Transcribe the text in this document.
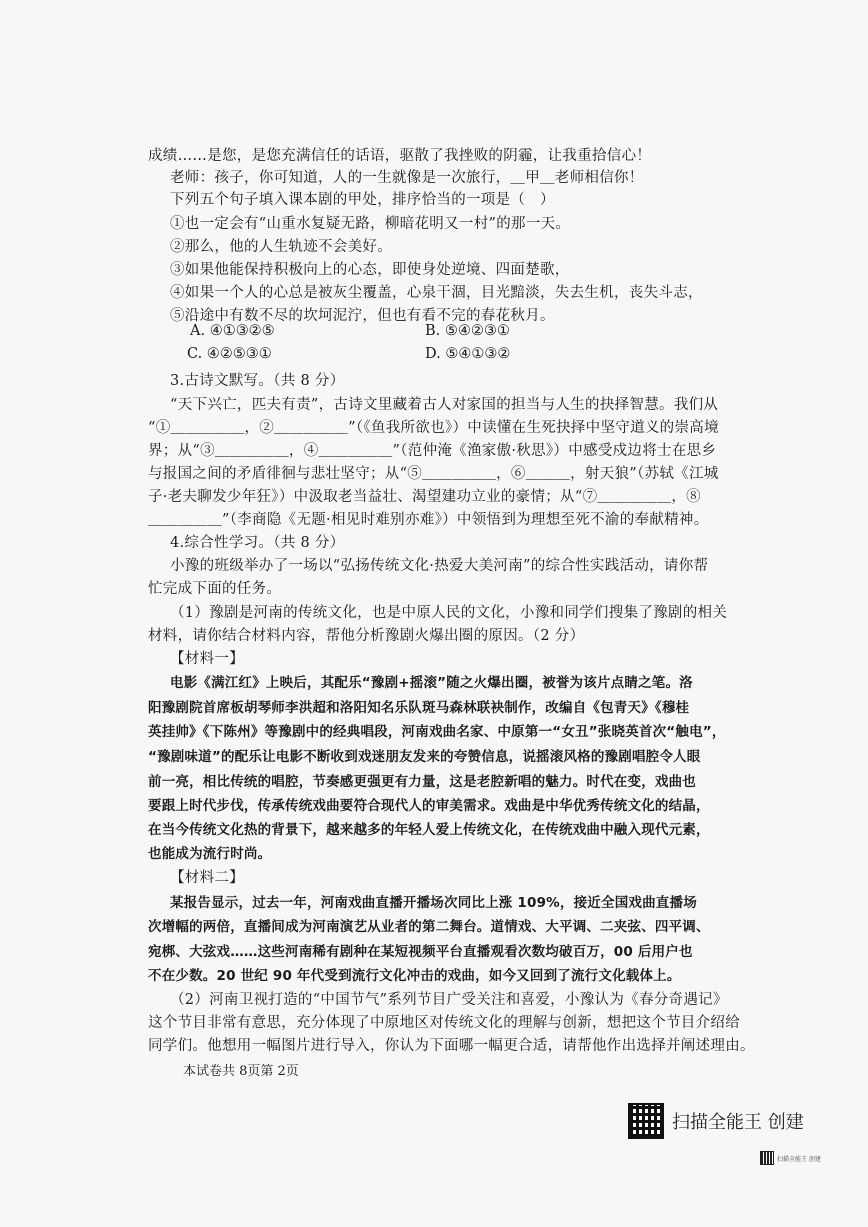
成绩……是您，是您充满信任的话语，驱散了我挫败的阴霾，让我重拾信心！
老师：孩子，你可知道，人的一生就像是一次旅行，＿甲＿老师相信你！
下列五个句子填入课本剧的甲处，排序恰当的一项是（　）
①也一定会有“山重水复疑无路，柳暗花明又一村”的那一天。
②那么，他的人生轨迹不会美好。
③如果他能保持积极向上的心态，即使身处逆境、四面楚歌，
④如果一个人的心总是被灰尘覆盖，心泉干涸，目光黯淡，失去生机，丧失斗志，
⑤沿途中有数不尽的坎坷泥泞，但也有看不完的春花秋月。
A. ④①③②⑤	B. ⑤④②③①
C. ④②⑤③①	D. ⑤④①③②
3.古诗文默写。（共 8 分）
“天下兴亡，匹夫有责”，古诗文里藏着古人对家国的担当与人生的抉择智慧。我们从
“①＿＿＿＿＿，②＿＿＿＿＿”（《鱼我所欲也》）中读懂在生死抉择中坚守道义的崇高境
界；从“③＿＿＿＿＿，④＿＿＿＿＿”（范仲淹《渔家傲·秋思》）中感受戍边将士在思乡
与报国之间的矛盾徘徊与悲壮坚守；从“⑤＿＿＿＿＿，⑥＿＿＿，射天狼”（苏轼《江城
子·老夫聊发少年狂》）中汲取老当益壮、渴望建功立业的豪情；从“⑦＿＿＿＿＿，⑧
＿＿＿＿＿”（李商隐《无题·相见时难别亦难》）中领悟到为理想至死不渝的奉献精神。
4.综合性学习。（共 8 分）
小豫的班级举办了一场以“弘扬传统文化·热爱大美河南”的综合性实践活动，请你帮
忙完成下面的任务。
（1）豫剧是河南的传统文化，也是中原人民的文化，小豫和同学们搜集了豫剧的相关
材料，请你结合材料内容，帮他分析豫剧火爆出圈的原因。（2 分）
【材料一】
电影《满江红》上映后，其配乐“豫剧+摇滚”随之火爆出圈，被誉为该片点睛之笔。洛
阳豫剧院首席板胡琴师李洪超和洛阳知名乐队斑马森林联袂制作，改编自《包青天》《穆桂
英挂帅》《下陈州》等豫剧中的经典唱段，河南戏曲名家、中原第一“女丑”张晓英首次“触电”，
“豫剧味道”的配乐让电影不断收到戏迷朋友发来的夸赞信息，说摇滚风格的豫剧唱腔令人眼
前一亮，相比传统的唱腔，节奏感更强更有力量，这是老腔新唱的魅力。时代在变，戏曲也
要跟上时代步伐，传承传统戏曲要符合现代人的审美需求。戏曲是中华优秀传统文化的结晶，
在当今传统文化热的背景下，越来越多的年轻人爱上传统文化，在传统戏曲中融入现代元素，
也能成为流行时尚。
【材料二】
某报告显示，过去一年，河南戏曲直播开播场次同比上涨 109%，接近全国戏曲直播场
次增幅的两倍，直播间成为河南演艺从业者的第二舞台。道情戏、大平调、二夹弦、四平调、
宛梆、大弦戏……这些河南稀有剧种在某短视频平台直播观看次数均破百万，00 后用户也
不在少数。20 世纪 90 年代受到流行文化冲击的戏曲，如今又回到了流行文化载体上。
（2）河南卫视打造的“中国节气”系列节目广受关注和喜爱，小豫认为《春分奇遇记》
这个节目非常有意思，充分体现了中原地区对传统文化的理解与创新，想把这个节目介绍给
同学们。他想用一幅图片进行导入，你认为下面哪一幅更合适，请帮他作出选择并阐述理由。
本试卷共 8页第 2页
扫描全能王 创建
扫描全能王 创建
